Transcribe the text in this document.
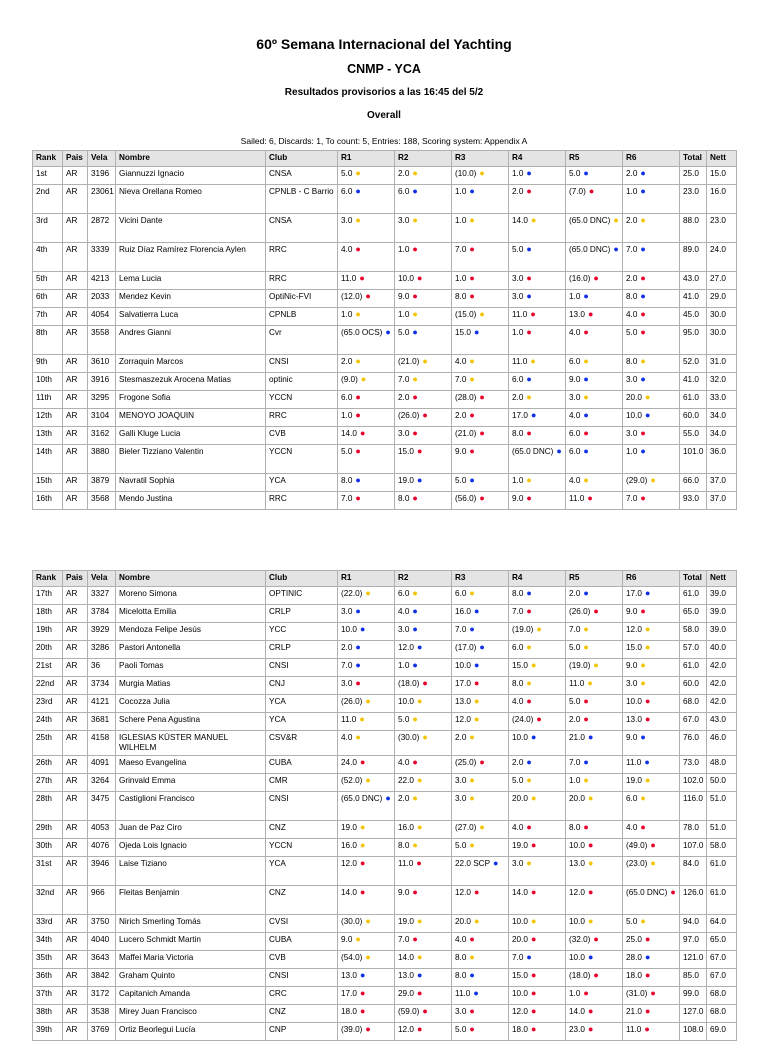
60º Semana Internacional del Yachting
CNMP - YCA
Resultados provisorios a las 16:45 del 5/2
Overall
Sailed: 6, Discards: 1, To count: 5, Entries: 188, Scoring system: Appendix A
Rank	Pais	Vela	Nombre	Club	R1	R2	R3	R4	R5	R6	Total	Nett
1st	AR	3196	Giannuzzi Ignacio	CNSA	5.0 ●	2.0 ●	(10.0) ●	1.0 ●	5.0 ●	2.0 ●	25.0	15.0
2nd	AR	23061	Nieva Orellana Romeo	CPNLB - C Barrio	6.0 ●	6.0 ●	1.0 ●	2.0 ●	(7.0) ●	1.0 ●	23.0	16.0
3rd	AR	2872	Vicini Dante	CNSA	3.0 ●	3.0 ●	1.0 ●	14.0 ●	(65.0 DNC) ●	2.0 ●	88.0	23.0
4th	AR	3339	Ruiz Díaz Ramírez Florencia Aylen	RRC	4.0 ●	1.0 ●	7.0 ●	5.0 ●	(65.0 DNC) ●	7.0 ●	89.0	24.0
5th	AR	4213	Lema Lucia	RRC	11.0 ●	10.0 ●	1.0 ●	3.0 ●	(16.0) ●	2.0 ●	43.0	27.0
6th	AR	2033	Mendez Kevin	OptiNic-FVI	(12.0) ●	9.0 ●	8.0 ●	3.0 ●	1.0 ●	8.0 ●	41.0	29.0
7th	AR	4054	Salvatierra Luca	CPNLB	1.0 ●	1.0 ●	(15.0) ●	11.0 ●	13.0 ●	4.0 ●	45.0	30.0
8th	AR	3558	Andres Gianni	Cvr	(65.0 OCS) ●	5.0 ●	15.0 ●	1.0 ●	4.0 ●	5.0 ●	95.0	30.0
9th	AR	3610	Zorraquin Marcos	CNSI	2.0 ●	(21.0) ●	4.0 ●	11.0 ●	6.0 ●	8.0 ●	52.0	31.0
10th	AR	3916	Stesmaszezuk Arocena Matias	optinic	(9.0) ●	7.0 ●	7.0 ●	6.0 ●	9.0 ●	3.0 ●	41.0	32.0
11th	AR	3295	Frogone Sofia	YCCN	6.0 ●	2.0 ●	(28.0) ●	2.0 ●	3.0 ●	20.0 ●	61.0	33.0
12th	AR	3104	MENOYO JOAQUIN	RRC	1.0 ●	(26.0) ●	2.0 ●	17.0 ●	4.0 ●	10.0 ●	60.0	34.0
13th	AR	3162	Galli Kluge Lucia	CVB	14.0 ●	3.0 ●	(21.0) ●	8.0 ●	6.0 ●	3.0 ●	55.0	34.0
14th	AR	3880	Bieler Tizziano Valentin	YCCN	5.0 ●	15.0 ●	9.0 ●	(65.0 DNC) ●	6.0 ●	1.0 ●	101.0	36.0
15th	AR	3879	Navratil Sophia	YCA	8.0 ●	19.0 ●	5.0 ●	1.0 ●	4.0 ●	(29.0) ●	66.0	37.0
16th	AR	3568	Mendo Justina	RRC	7.0 ●	8.0 ●	(56.0) ●	9.0 ●	11.0 ●	7.0 ●	93.0	37.0
Rank	Pais	Vela	Nombre	Club	R1	R2	R3	R4	R5	R6	Total	Nett
17th	AR	3327	Moreno Simona	OPTINIC	(22.0) ●	6.0 ●	6.0 ●	8.0 ●	2.0 ●	17.0 ●	61.0	39.0
18th	AR	3784	Micelotta Emilia	CRLP	3.0 ●	4.0 ●	16.0 ●	7.0 ●	(26.0) ●	9.0 ●	65.0	39.0
19th	AR	3929	Mendoza Felipe Jesús	YCC	10.0 ●	3.0 ●	7.0 ●	(19.0) ●	7.0 ●	12.0 ●	58.0	39.0
20th	AR	3286	Pastori Antonella	CRLP	2.0 ●	12.0 ●	(17.0) ●	6.0 ●	5.0 ●	15.0 ●	57.0	40.0
21st	AR	36	Paoli Tomas	CNSI	7.0 ●	1.0 ●	10.0 ●	15.0 ●	(19.0) ●	9.0 ●	61.0	42.0
22nd	AR	3734	Murgia Matias	CNJ	3.0 ●	(18.0) ●	17.0 ●	8.0 ●	11.0 ●	3.0 ●	60.0	42.0
23rd	AR	4121	Cocozza Julia	YCA	(26.0) ●	10.0 ●	13.0 ●	4.0 ●	5.0 ●	10.0 ●	68.0	42.0
24th	AR	3681	Schere Pena Agustina	YCA	11.0 ●	5.0 ●	12.0 ●	(24.0) ●	2.0 ●	13.0 ●	67.0	43.0
25th	AR	4158	IGLESIAS KÜSTER MANUEL WILHELM	CSV&R	4.0 ●	(30.0) ●	2.0 ●	10.0 ●	21.0 ●	9.0 ●	76.0	46.0
26th	AR	4091	Maeso Evangelina	CUBA	24.0 ●	4.0 ●	(25.0) ●	2.0 ●	7.0 ●	11.0 ●	73.0	48.0
27th	AR	3264	Grinvald Emma	CMR	(52.0) ●	22.0 ●	3.0 ●	5.0 ●	1.0 ●	19.0 ●	102.0	50.0
28th	AR	3475	Castiglioni Francisco	CNSI	(65.0 DNC) ●	2.0 ●	3.0 ●	20.0 ●	20.0 ●	6.0 ●	116.0	51.0
29th	AR	4053	Juan de Paz Ciro	CNZ	19.0 ●	16.0 ●	(27.0) ●	4.0 ●	8.0 ●	4.0 ●	78.0	51.0
30th	AR	4076	Ojeda Lois Ignacio	YCCN	16.0 ●	8.0 ●	5.0 ●	19.0 ●	10.0 ●	(49.0) ●	107.0	58.0
31st	AR	3946	Laise Tiziano	YCA	12.0 ●	11.0 ●	22.0 SCP ●	3.0 ●	13.0 ●	(23.0) ●	84.0	61.0
32nd	AR	966	Fleitas Benjamin	CNZ	14.0 ●	9.0 ●	12.0 ●	14.0 ●	12.0 ●	(65.0 DNC) ●	126.0	61.0
33rd	AR	3750	Nirich Smerling Tomás	CVSI	(30.0) ●	19.0 ●	20.0 ●	10.0 ●	10.0 ●	5.0 ●	94.0	64.0
34th	AR	4040	Lucero Schmidt Martin	CUBA	9.0 ●	7.0 ●	4.0 ●	20.0 ●	(32.0) ●	25.0 ●	97.0	65.0
35th	AR	3643	Maffei Maria Victoria	CVB	(54.0) ●	14.0 ●	8.0 ●	7.0 ●	10.0 ●	28.0 ●	121.0	67.0
36th	AR	3842	Graham Quinto	CNSI	13.0 ●	13.0 ●	8.0 ●	15.0 ●	(18.0) ●	18.0 ●	85.0	67.0
37th	AR	3172	Capitanich Amanda	CRC	17.0 ●	29.0 ●	11.0 ●	10.0 ●	1.0 ●	(31.0) ●	99.0	68.0
38th	AR	3538	Mirey Juan Francisco	CNZ	18.0 ●	(59.0) ●	3.0 ●	12.0 ●	14.0 ●	21.0 ●	127.0	68.0
39th	AR	3769	Ortiz Beorlegui Lucía	CNP	(39.0) ●	12.0 ●	5.0 ●	18.0 ●	23.0 ●	11.0 ●	108.0	69.0
